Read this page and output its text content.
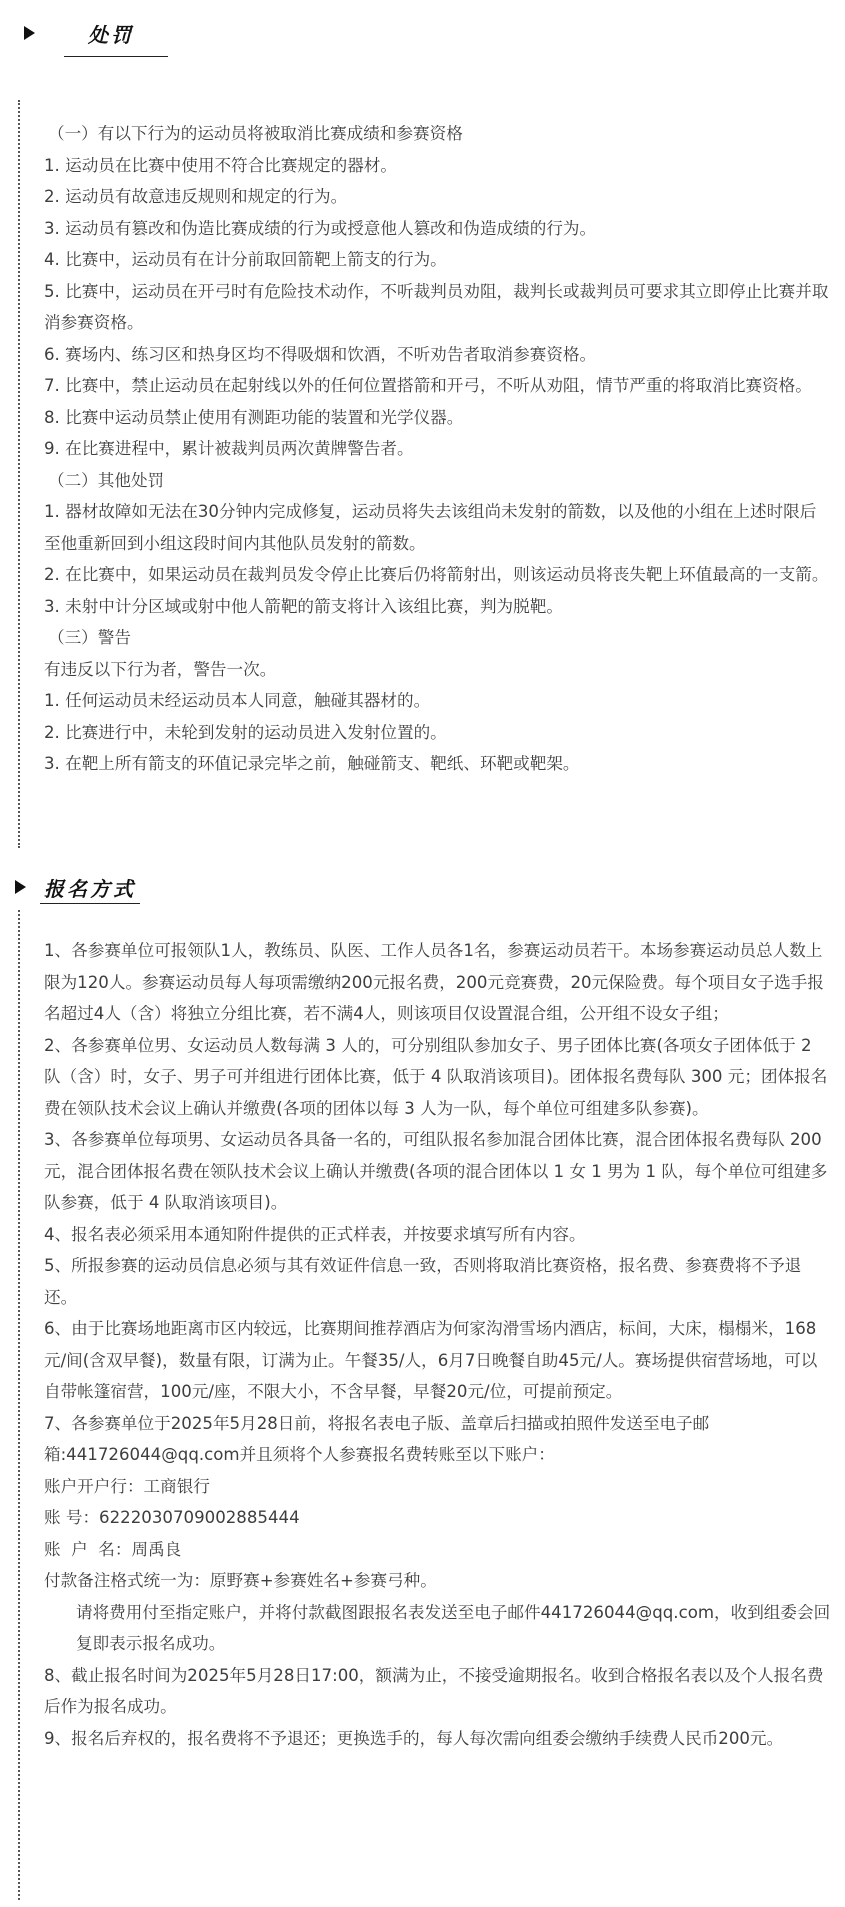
处罚

（一）有以下行为的运动员将被取消比赛成绩和参赛资格

1. 运动员在比赛中使用不符合比赛规定的器材。

2. 运动员有故意违反规则和规定的行为。

3. 运动员有篡改和伪造比赛成绩的行为或授意他人篡改和伪造成绩的行为。

4. 比赛中，运动员有在计分前取回箭靶上箭支的行为。

5. 比赛中，运动员在开弓时有危险技术动作，不听裁判员劝阻，裁判长或裁判员可要求其立即停止比赛并取消参赛资格。

6. 赛场内、练习区和热身区均不得吸烟和饮酒，不听劝告者取消参赛资格。

7. 比赛中，禁止运动员在起射线以外的任何位置搭箭和开弓，不听从劝阻，情节严重的将取消比赛资格。

8. 比赛中运动员禁止使用有测距功能的装置和光学仪器。

9. 在比赛进程中，累计被裁判员两次黄牌警告者。

（二）其他处罚

1. 器材故障如无法在30分钟内完成修复，运动员将失去该组尚未发射的箭数，以及他的小组在上述时限后至他重新回到小组这段时间内其他队员发射的箭数。

2. 在比赛中，如果运动员在裁判员发令停止比赛后仍将箭射出，则该运动员将丧失靶上环值最高的一支箭。

3. 未射中计分区域或射中他人箭靶的箭支将计入该组比赛，判为脱靶。

（三）警告

有违反以下行为者，警告一次。

1. 任何运动员未经运动员本人同意，触碰其器材的。

2. 比赛进行中，未轮到发射的运动员进入发射位置的。

3. 在靶上所有箭支的环值记录完毕之前，触碰箭支、靶纸、环靶或靶架。

报名方式

1、各参赛单位可报领队1人，教练员、队医、工作人员各1名，参赛运动员若干。本场参赛运动员总人数上限为120人。参赛运动员每人每项需缴纳200元报名费，200元竞赛费，20元保险费。每个项目女子选手报名超过4人（含）将独立分组比赛，若不满4人，则该项目仅设置混合组，公开组不设女子组；

2、各参赛单位男、女运动员人数每满 3 人的，可分别组队参加女子、男子团体比赛(各项女子团体低于 2 队（含）时，女子、男子可并组进行团体比赛，低于 4 队取消该项目)。团体报名费每队 300 元；团体报名费在领队技术会议上确认并缴费(各项的团体以每 3 人为一队，每个单位可组建多队参赛)。

3、各参赛单位每项男、女运动员各具备一名的，可组队报名参加混合团体比赛，混合团体报名费每队 200 元，混合团体报名费在领队技术会议上确认并缴费(各项的混合团体以 1 女 1 男为 1 队，每个单位可组建多队参赛，低于 4 队取消该项目)。

4、报名表必须采用本通知附件提供的正式样表，并按要求填写所有内容。

5、所报参赛的运动员信息必须与其有效证件信息一致，否则将取消比赛资格，报名费、参赛费将不予退还。

6、由于比赛场地距离市区内较远，比赛期间推荐酒店为何家沟滑雪场内酒店，标间，大床，榻榻米，168元/间(含双早餐)，数量有限，订满为止。午餐35/人，6月7日晚餐自助45元/人。赛场提供宿营场地，可以自带帐篷宿营，100元/座，不限大小，不含早餐，早餐20元/位，可提前预定。

7、各参赛单位于2025年5月28日前，将报名表电子版、盖章后扫描或拍照件发送至电子邮箱:441726044@qq.com并且须将个人参赛报名费转账至以下账户：

账户开户行：工商银行

账 号：6222030709002885444

账  户  名：周禹良

付款备注格式统一为：原野赛+参赛姓名+参赛弓种。

请将费用付至指定账户，并将付款截图跟报名表发送至电子邮件441726044@qq.com，收到组委会回复即表示报名成功。

8、截止报名时间为2025年5月28日17:00，额满为止，不接受逾期报名。收到合格报名表以及个人报名费后作为报名成功。

9、报名后弃权的，报名费将不予退还；更换选手的，每人每次需向组委会缴纳手续费人民币200元。
